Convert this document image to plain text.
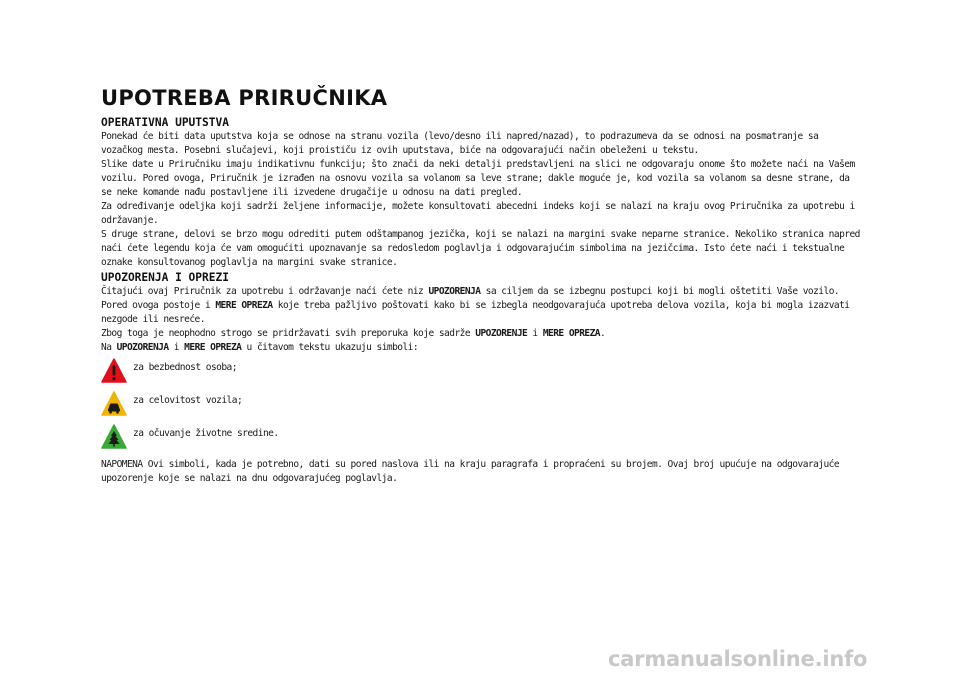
UPOTREBA PRIRUČNIKA
OPERATIVNA UPUTSTVA

Ponekad će biti data uputstva koja se odnose na stranu vozila (levo/desno ili napred/nazad), to podrazumeva da se odnosi na posmatranje sa vozačkog mesta. Posebni slučajevi, koji proističu iz ovih uputstava, biće na odgovarajući način obeleženi u tekstu.

Slike date u Priručniku imaju indikativnu funkciju; što znači da neki detalji predstavljeni na slici ne odgovaraju onome što možete naći na Vašem vozilu. Pored ovoga, Priručnik je izrađen na osnovu vozila sa volanom sa leve strane; dakle moguće je, kod vozila sa volanom sa desne strane, da se neke komande nađu postavljene ili izvedene drugačije u odnosu na dati pregled.

Za određivanje odeljka koji sadrži željene informacije, možete konsultovati abecedni indeks koji se nalazi na kraju ovog Priručnika za upotrebu i održavanje.

S druge strane, delovi se brzo mogu odrediti putem odštampanog jezička, koji se nalazi na margini svake neparne stranice. Nekoliko stranica napred naći ćete legendu koja će vam omogućiti upoznavanje sa redosledom poglavlja i odgovarajućim simbolima na jezičcima. Isto ćete naći i tekstualne oznake konsultovanog poglavlja na margini svake stranice.

UPOZORENJA I OPREZI

Čitajući ovaj Priručnik za upotrebu i održavanje naći ćete niz UPOZORENJA sa ciljem da se izbegnu postupci koji bi mogli oštetiti Vaše vozilo.

Pored ovoga postoje i MERE OPREZA koje treba pažljivo poštovati kako bi se izbegla neodgovarajuća upotreba delova vozila, koja bi mogla izazvati nezgode ili nesreće.

Zbog toga je neophodno strogo se pridržavati svih preporuka koje sadrže UPOZORENJE i MERE OPREZA.

Na UPOZORENJA i MERE OPREZA u čitavom tekstu ukazuju simboli:

za bezbednost osoba;

za celovitost vozila;

za očuvanje životne sredine.

NAPOMENA Ovi simboli, kada je potrebno, dati su pored naslova ili na kraju paragrafa i propraćeni su brojem. Ovaj broj upućuje na odgovarajuće upozorenje koje se nalazi na dnu odgovarajućeg poglavlja.

carmanualsonline.info
